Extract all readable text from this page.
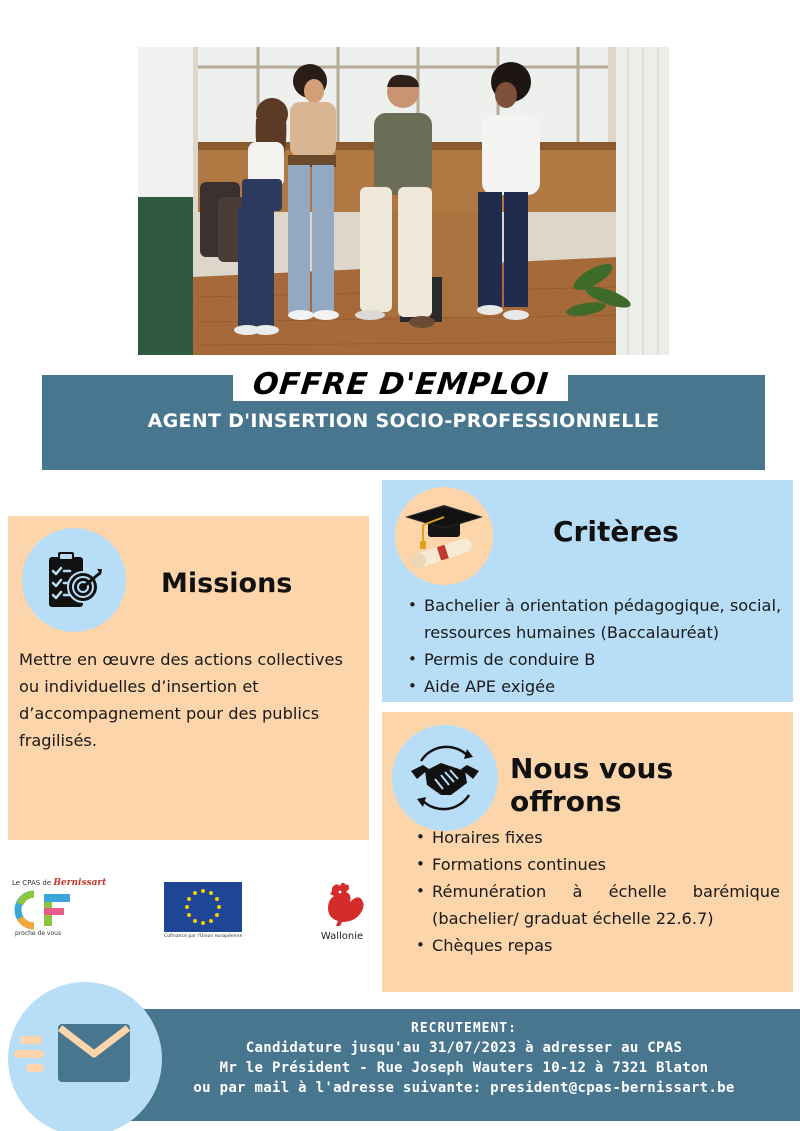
OFFRE D'EMPLOI
AGENT D'INSERTION SOCIO-PROFESSIONNELLE
Missions

Mettre en œuvre des actions collectives ou individuelles d’insertion et d’accompagnement pour des publics fragilisés.

Critères
• Bachelier à orientation pédagogique, social, ressources humaines (Baccalauréat)
• Permis de conduire B
• Aide APE exigée
Nous vous offrons
• Horaires fixes
• Formations continues
• Rémunération à échelle barémique (bachelier/ graduat échelle 22.6.7)
• Chèques repas
Le CPAS de Bernissart
proche de vous	Cofinancé par l'Union européenne	Wallonie
RECRUTEMENT:
Candidature jusqu'au 31/07/2023 à adresser au CPAS
Mr le Président - Rue Joseph Wauters 10-12 à 7321 Blaton
ou par mail à l'adresse suivante: president@cpas-bernissart.be
